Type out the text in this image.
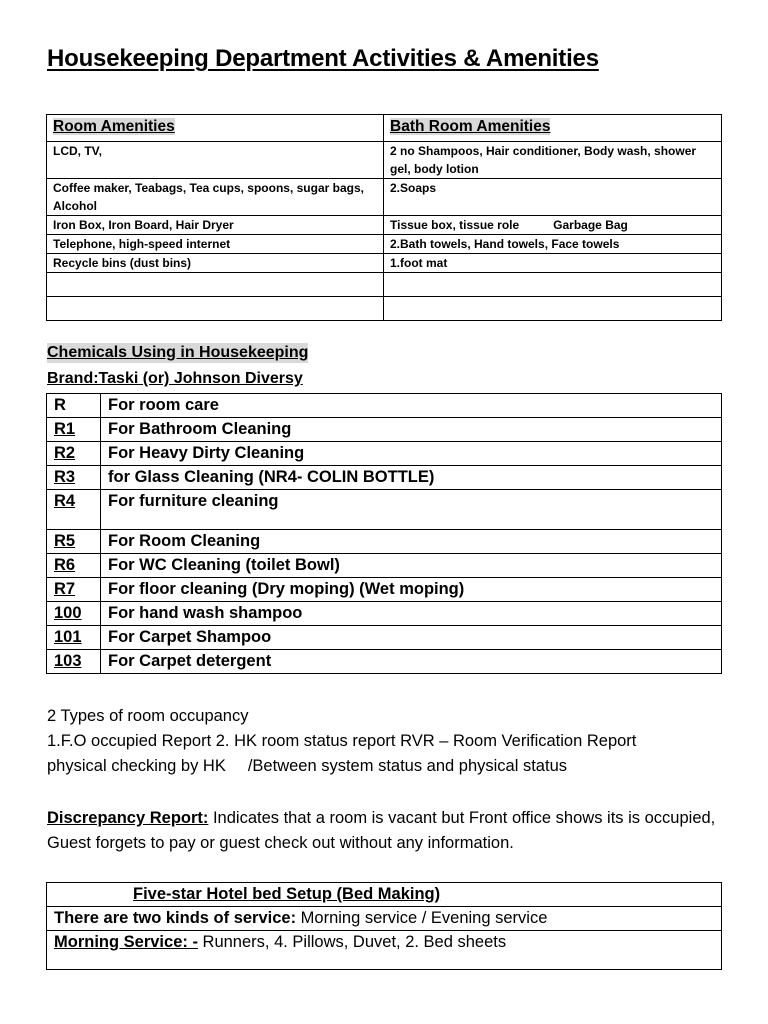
Housekeeping Department Activities & Amenities
Room Amenities	Bath Room Amenities
LCD, TV,	2 no Shampoos, Hair conditioner, Body wash, shower gel, body lotion
Coffee maker, Teabags, Tea cups, spoons, sugar bags, Alcohol	2.Soaps
Iron Box, Iron Board, Hair Dryer	Tissue box, tissue role Garbage Bag
Telephone, high-speed internet	2.Bath towels, Hand towels, Face towels
Recycle bins (dust bins)	1.foot mat

Chemicals Using in Housekeeping

Brand:Taski (or) Johnson Diversy

R	For room care
R1	For Bathroom Cleaning
R2	For Heavy Dirty Cleaning
R3	for Glass Cleaning (NR4- COLIN BOTTLE)
R4	For furniture cleaning
R5	For Room Cleaning
R6	For WC Cleaning (toilet Bowl)
R7	For floor cleaning (Dry moping) (Wet moping)
100	For hand wash shampoo
101	For Carpet Shampoo
103	For Carpet detergent
2 Types of room occupancy
1.F.O occupied Report 2. HK room status report RVR – Room Verification Report
physical checking by HK /Between system status and physical status

Discrepancy Report: Indicates that a room is vacant but Front office shows its is occupied, Guest forgets to pay or guest check out without any information.

Five-star Hotel bed Setup (Bed Making)
There are two kinds of service: Morning service / Evening service
Morning Service: - Runners, 4. Pillows, Duvet, 2. Bed sheets
